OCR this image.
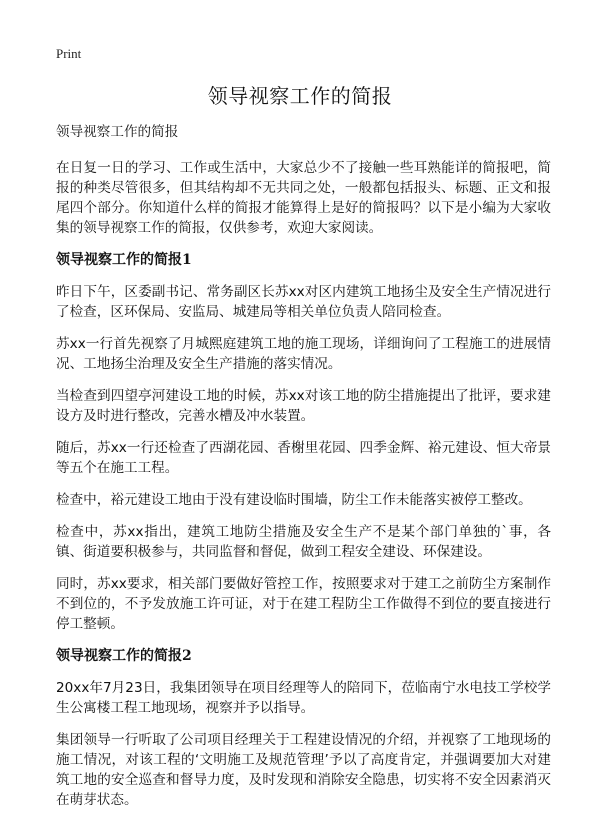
Print
领导视察工作的简报

领导视察工作的简报

在日复一日的学习、工作或生活中，大家总少不了接触一些耳熟能详的简报吧，简报的种类尽管很多，但其结构却不无共同之处，一般都包括报头、标题、正文和报尾四个部分。你知道什么样的简报才能算得上是好的简报吗？以下是小编为大家收集的领导视察工作的简报，仅供参考，欢迎大家阅读。

领导视察工作的简报1

昨日下午，区委副书记、常务副区长苏xx对区内建筑工地扬尘及安全生产情况进行了检查，区环保局、安监局、城建局等相关单位负责人陪同检查。

苏xx一行首先视察了月城熙庭建筑工地的施工现场，详细询问了工程施工的进展情况、工地扬尘治理及安全生产措施的落实情况。

当检查到四望亭河建设工地的时候，苏xx对该工地的防尘措施提出了批评，要求建设方及时进行整改，完善水槽及冲水装置。

随后，苏xx一行还检查了西湖花园、香榭里花园、四季金辉、裕元建设、恒大帝景等五个在施工工程。

检查中，裕元建设工地由于没有建设临时围墙，防尘工作未能落实被停工整改。

检查中，苏xx指出，建筑工地防尘措施及安全生产不是某个部门单独的`事，各镇、街道要积极参与，共同监督和督促，做到工程安全建设、环保建设。

同时，苏xx要求，相关部门要做好管控工作，按照要求对于建工之前防尘方案制作不到位的，不予发放施工许可证，对于在建工程防尘工作做得不到位的要直接进行停工整顿。

领导视察工作的简报2

20xx年7月23日，我集团领导在项目经理等人的陪同下，莅临南宁水电技工学校学生公寓楼工程工地现场，视察并予以指导。

集团领导一行听取了公司项目经理关于工程建设情况的介绍，并视察了工地现场的施工情况，对该工程的‘文明施工及规范管理’予以了高度肯定，并强调要加大对建筑工地的安全巡查和督导力度，及时发现和消除安全隐患，切实将不安全因素消灭在萌芽状态。
